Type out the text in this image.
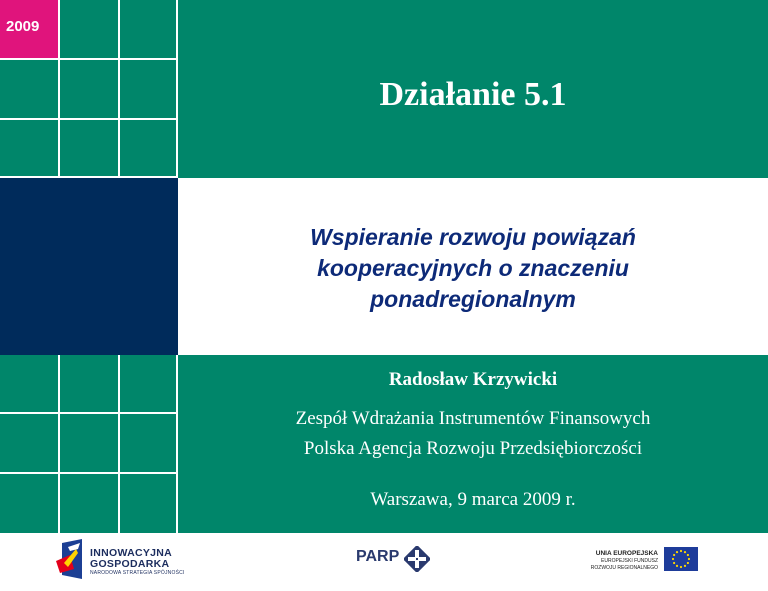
2009
Działanie 5.1
Wspieranie rozwoju powiązań
kooperacyjnych o znaczeniu
ponadregionalnym
Radosław Krzywicki
Zespół Wdrażania Instrumentów Finansowych
Polska Agencja Rozwoju Przedsiębiorczości
Warszawa, 9 marca 2009 r.
INNOWACYJNA
GOSPODARKA
NARODOWA STRATEGIA SPÓJNOŚCI
PARP	UNIA EUROPEJSKA
EUROPEJSKI FUNDUSZ
ROZWOJU REGIONALNEGO
